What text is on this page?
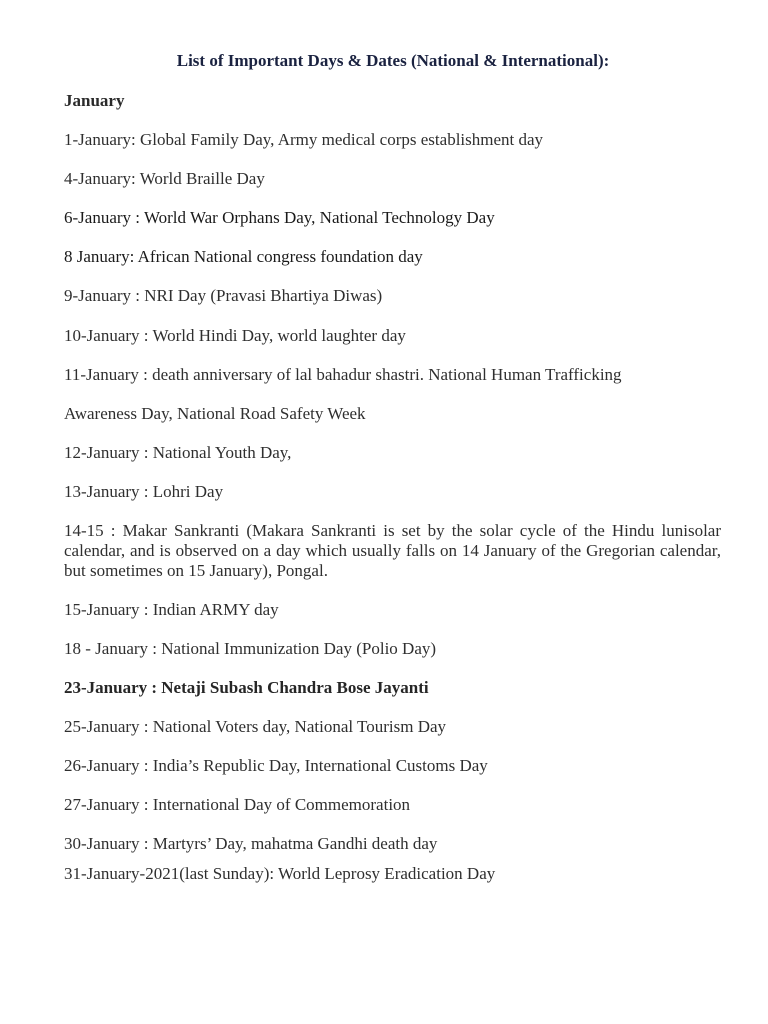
List of Important Days & Dates (National & International):
January
1-January: Global Family Day, Army medical corps establishment day
4-January: World Braille Day
6-January : World War Orphans Day, National Technology Day
8 January: African National congress foundation day
9-January : NRI Day (Pravasi Bhartiya Diwas)
10-January : World Hindi Day, world laughter day
11-January : death anniversary of lal bahadur shastri. National Human Trafficking
Awareness Day, National Road Safety Week
12-January : National Youth Day,
13-January : Lohri Day
14-15 : Makar Sankranti (Makara Sankranti is set by the solar cycle of the Hindu lunisolar calendar, and is observed on a day which usually falls on 14 January of the Gregorian calendar, but sometimes on 15 January), Pongal.
15-January : Indian ARMY day
18 - January : National Immunization Day (Polio Day)
23-January : Netaji Subash Chandra Bose Jayanti
25-January : National Voters day, National Tourism Day
26-January : India’s Republic Day, International Customs Day
27-January : International Day of Commemoration
30-January : Martyrs’ Day, mahatma Gandhi death day
31-January-2021(last Sunday): World Leprosy Eradication Day
